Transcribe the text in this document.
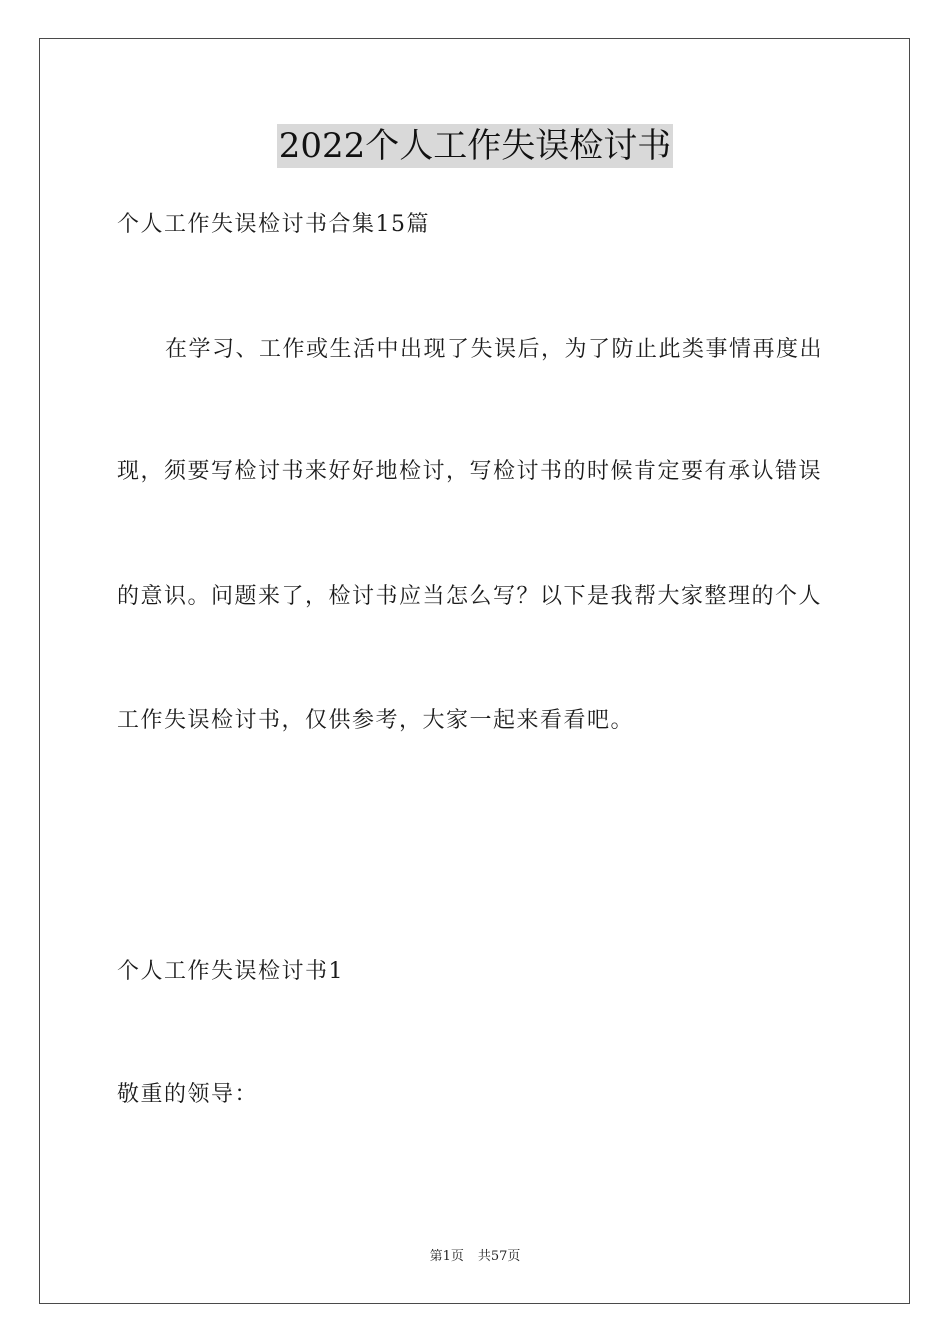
2022个人工作失误检讨书
个人工作失误检讨书合集15篇
在学习、工作或生活中出现了失误后，为了防止此类事情再度出
现，须要写检讨书来好好地检讨，写检讨书的时候肯定要有承认错误
的意识。问题来了，检讨书应当怎么写？以下是我帮大家整理的个人
工作失误检讨书，仅供参考，大家一起来看看吧。
个人工作失误检讨书1
敬重的领导：
第1页 共57页
